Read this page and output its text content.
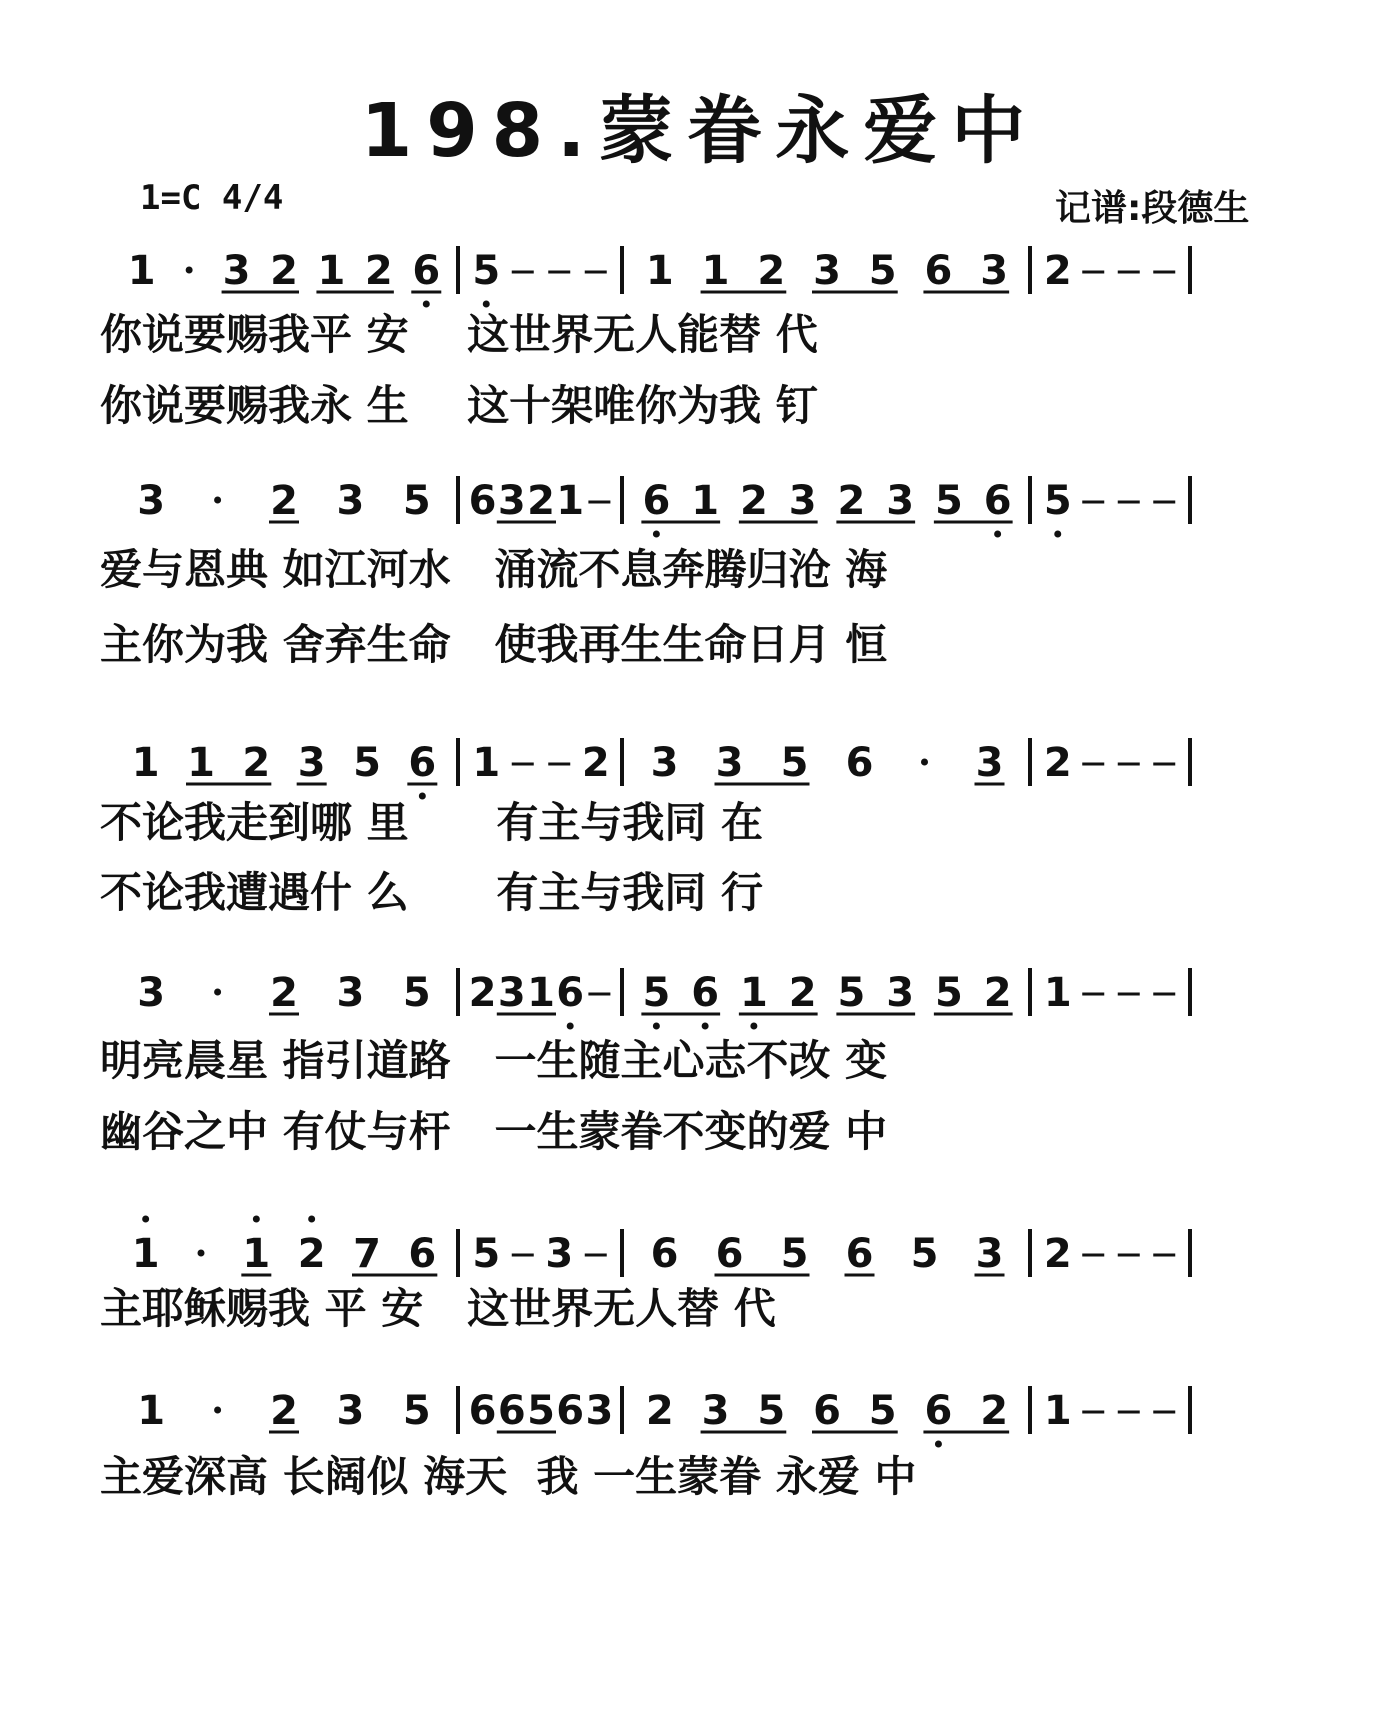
198.蒙眷永爱中
1=C 4/4	记谱:段德生
1 3 2 1 2 6 5	1 1 2 3 5 6 3 2
3	2 3 5 6 3 2 1 6 1 2 3 2 3 5 6 5
1 1 2 3 5 6 1 2 3 3 5 6	3 2
3	2 3 5 2 3 1 6 5 6 1 2 5 3 5 2 1
1 1 2 7 6 5 3 6 6 5 6 5 3 2
1	2 3 5 6 6 5 6 3 2 3 5 6 5 6 2 1
你说要赐我平 安    这世界无人能替 代
你说要赐我永 生    这十架唯你为我 钉
爱与恩典 如江河水   涌流不息奔腾归沧 海
主你为我 舍弃生命   使我再生生命日月 恒
不论我走到哪 里      有主与我同 在
不论我遭遇什 么      有主与我同 行
明亮晨星 指引道路   一生随主心志不改 变
幽谷之中 有仗与杆   一生蒙眷不变的爱 中
主耶稣赐我 平 安   这世界无人替 代
主爱深高 长阔似 海天  我 一生蒙眷 永爱 中
